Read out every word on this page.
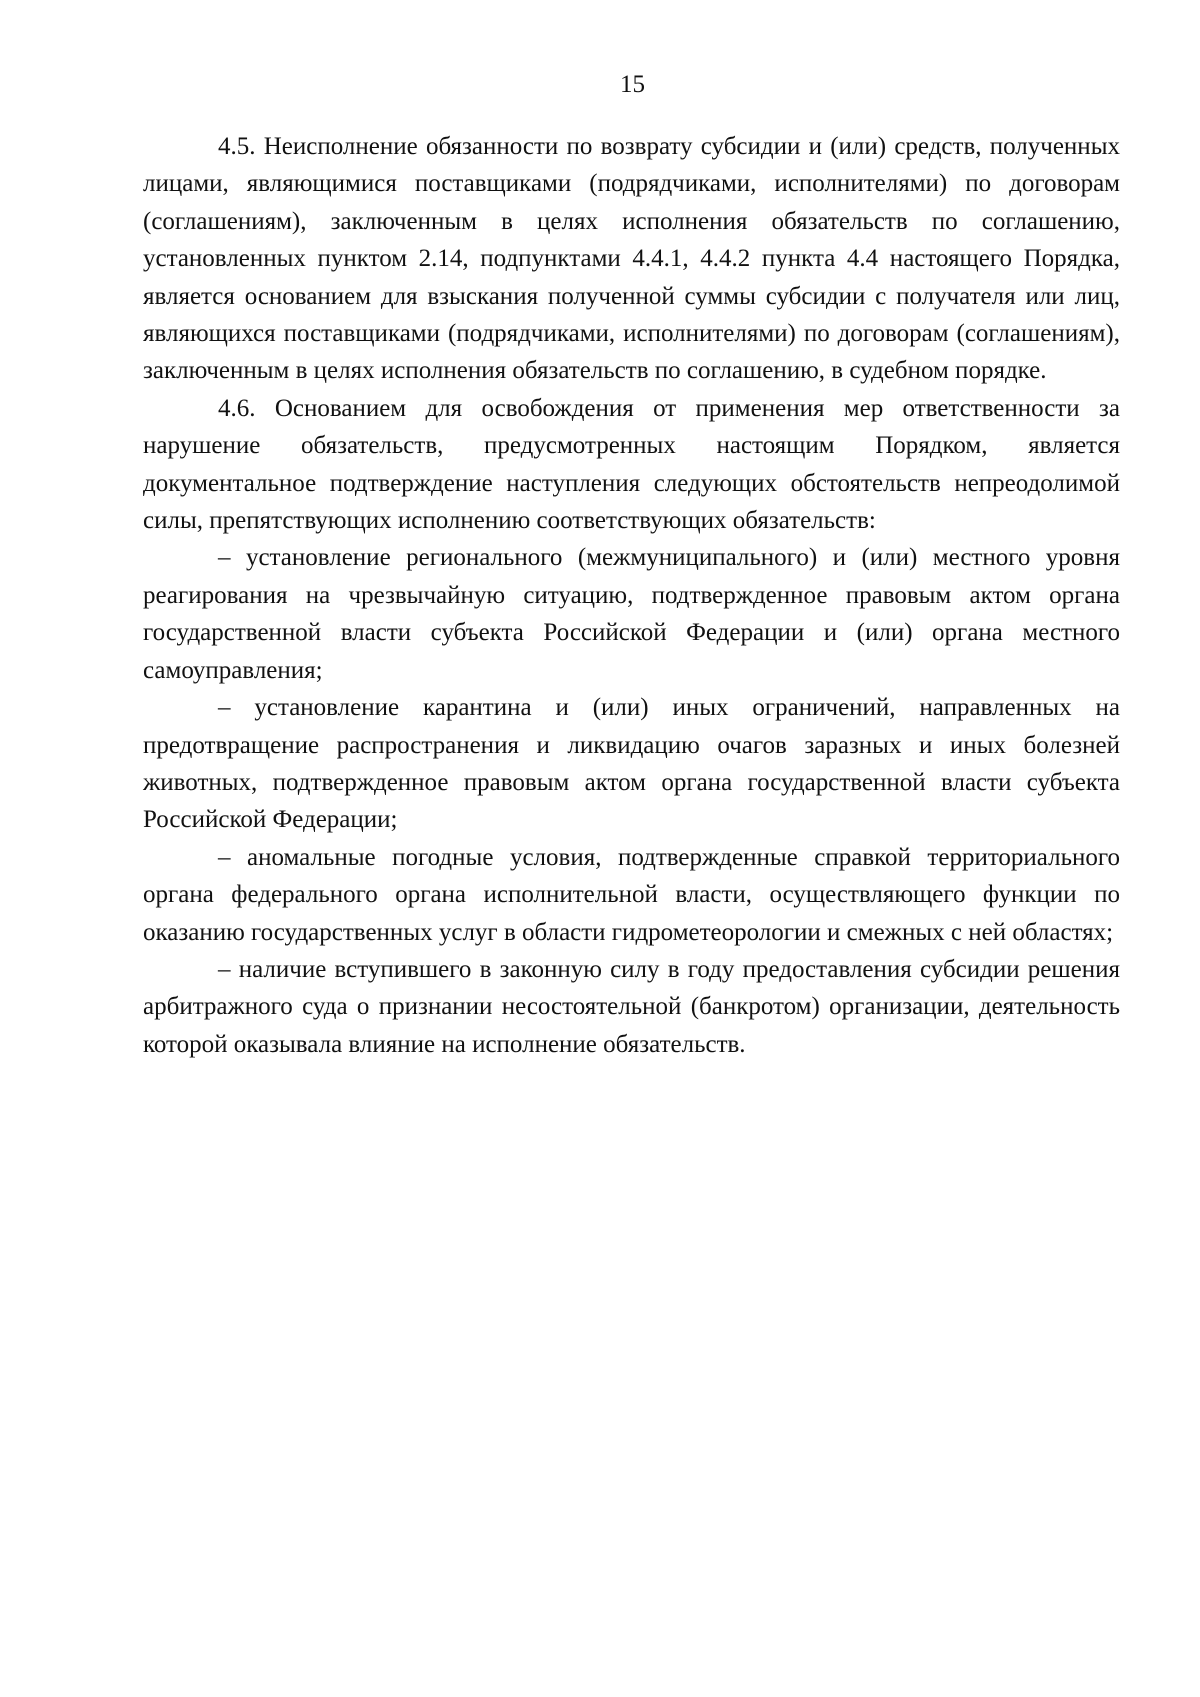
15

4.5. Неисполнение обязанности по возврату субсидии и (или) средств, полученных лицами, являющимися поставщиками (подрядчиками, исполнителями) по договорам (соглашениям), заключенным в целях исполнения обязательств по соглашению, установленных пунктом 2.14, подпунктами 4.4.1, 4.4.2 пункта 4.4 настоящего Порядка, является основанием для взыскания полученной суммы субсидии с получателя или лиц, являющихся поставщиками (подрядчиками, исполнителями) по договорам (соглашениям), заключенным в целях исполнения обязательств по соглашению, в судебном порядке.

4.6. Основанием для освобождения от применения мер ответственности за нарушение обязательств, предусмотренных настоящим Порядком, является документальное подтверждение наступления следующих обстоятельств непреодолимой силы, препятствующих исполнению соответствующих обязательств:

– установление регионального (межмуниципального) и (или) местного уровня реагирования на чрезвычайную ситуацию, подтвержденное правовым актом органа государственной власти субъекта Российской Федерации и (или) органа местного самоуправления;

– установление карантина и (или) иных ограничений, направленных на предотвращение распространения и ликвидацию очагов заразных и иных болезней животных, подтвержденное правовым актом органа государственной власти субъекта Российской Федерации;

– аномальные погодные условия, подтвержденные справкой территориального органа федерального органа исполнительной власти, осуществляющего функции по оказанию государственных услуг в области гидрометеорологии и смежных с ней областях;

– наличие вступившего в законную силу в году предоставления субсидии решения арбитражного суда о признании несостоятельной (банкротом) организации, деятельность которой оказывала влияние на исполнение обязательств.
